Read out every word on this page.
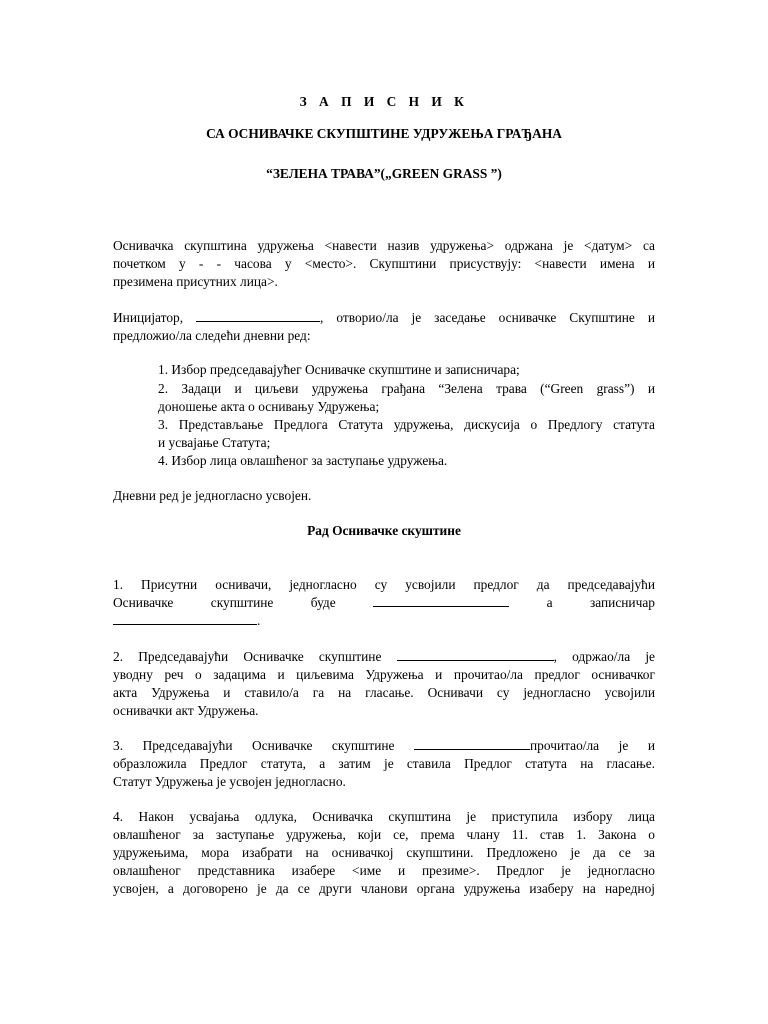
З А П И С Н И К
СА ОСНИВАЧКЕ СКУПШТИНЕ УДРУЖЕЊА ГРАЂАНА
“ЗЕЛЕНА ТРАВА”(„GREEN GRASS ”)
Оснивачка скупштина удружења <навести назив удружења> одржана је <датум> са
почетком у - - часова у <место>. Скупштини присуствују: <навести имена и
презимена присутних лица>.
Иницијатор,	, отворио/ла је заседање оснивачке Скупштине и
предложио/ла следећи дневни ред:
1. Избор председавајућег Оснивачке скупштине и записничара;
2. Задаци и циљеви удружења грађана “Зелена трава (“Green grass”) и
доношење акта о оснивању Удружења;
3. Представљање Предлога Статута удружења, дискусија о Предлогу статута
и усвајање Статута;
4. Избор лица овлашћеног за заступање удружења.
Дневни ред је једногласно усвојен.
Рад Оснивачке скуштине
1. Присутни оснивачи, једногласно су усвојили предлог да председавајући
Оснивачке скупштине буде	а записничар
.
2. Председавајући Оснивачке скупштине	, одржао/ла је
уводну реч о задацима и циљевима Удружења и прочитао/ла предлог оснивачког
акта Удружења и ставило/а га на гласање. Оснивачи су једногласно усвојили
оснивачки акт Удружења.
3. Председавајући Оснивачке скупштине	прочитао/ла је и
образложила Предлог статута, а затим је ставила Предлог статута на гласање.
Статут Удружења је усвојен једногласно.
4. Након усвајања одлука, Оснивачка скупштина је приступила избору лица
овлашћеног за заступање удружења, који се, према члану 11. став 1. Закона о
удружењима, мора изабрати на оснивачкој скупштини. Предложено је да се за
овлашћеног представника изабере <име и презиме>. Предлог је једногласно
усвојен, а договорено је да се други чланови органа удружења изаберу на наредној
